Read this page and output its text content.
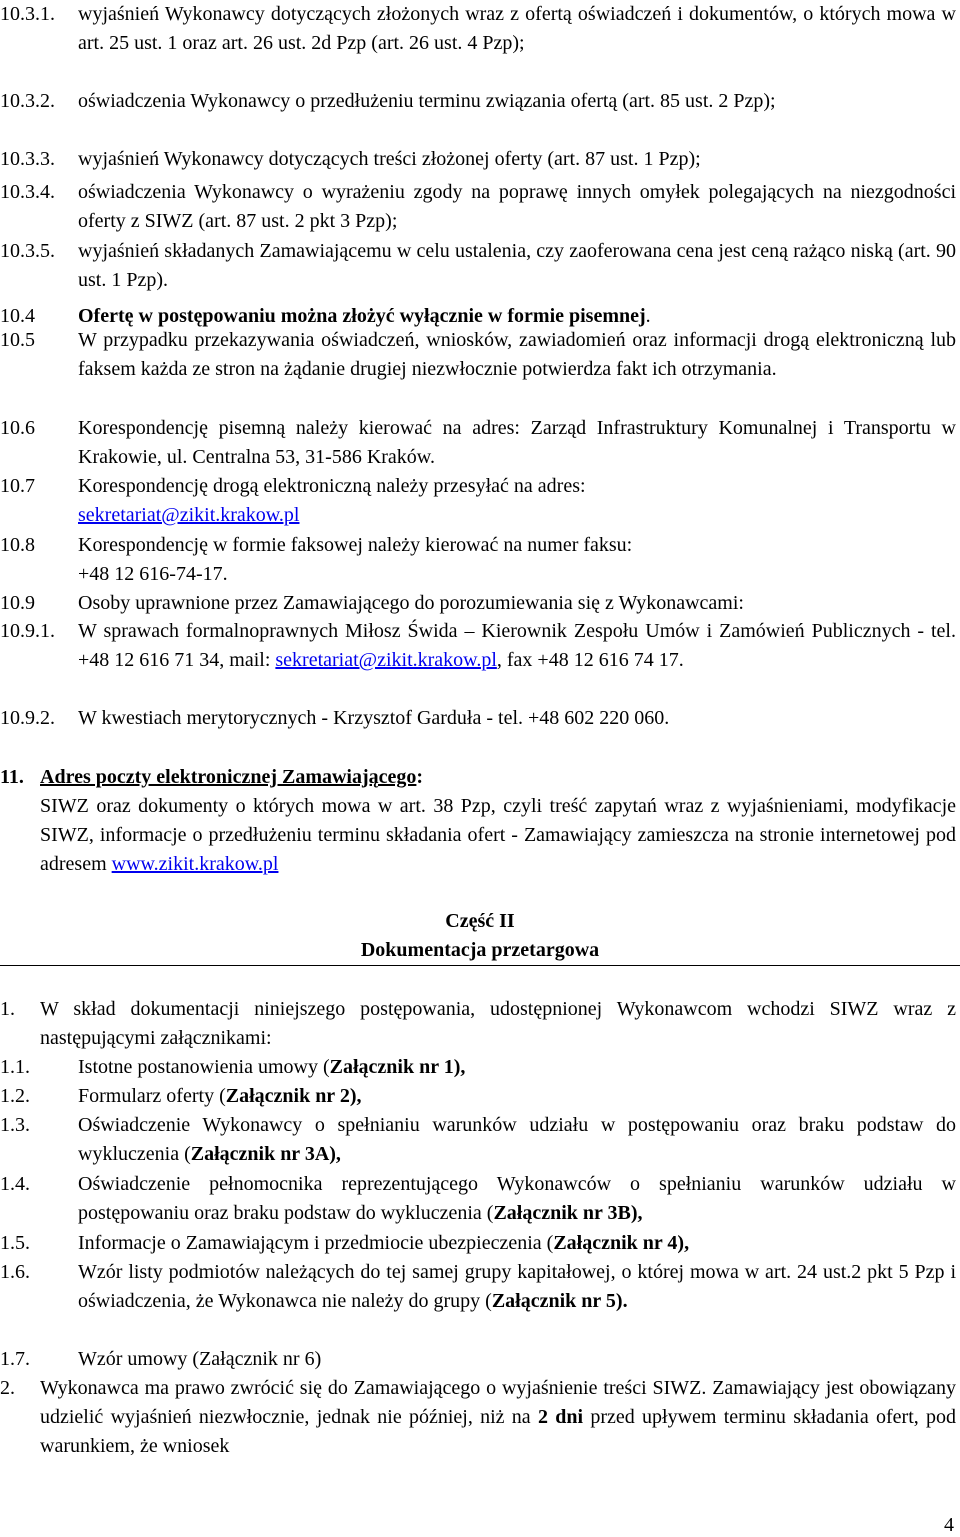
10.3.1.	wyjaśnień Wykonawcy dotyczących złożonych wraz z ofertą oświadczeń i dokumentów, o których mowa w art. 25 ust. 1 oraz art. 26 ust. 2d Pzp (art. 26 ust. 4 Pzp);
10.3.2.	oświadczenia Wykonawcy o przedłużeniu terminu związania ofertą (art. 85 ust. 2 Pzp);
10.3.3.	wyjaśnień Wykonawcy dotyczących treści złożonej oferty (art. 87 ust. 1 Pzp);
10.3.4.	oświadczenia Wykonawcy o wyrażeniu zgody na poprawę innych omyłek polegających na niezgodności oferty z SIWZ (art. 87 ust. 2 pkt 3 Pzp);
10.3.5.	wyjaśnień składanych Zamawiającemu w celu ustalenia, czy zaoferowana cena jest ceną rażąco niską (art. 90 ust. 1 Pzp).
10.4	Ofertę w postępowaniu można złożyć wyłącznie w formie pisemnej.
10.5	W przypadku przekazywania oświadczeń, wniosków, zawiadomień oraz informacji drogą elektroniczną lub faksem każda ze stron na żądanie drugiej niezwłocznie potwierdza fakt ich otrzymania.
10.6	Korespondencję pisemną należy kierować na adres: Zarząd Infrastruktury Komunalnej i Transportu w Krakowie, ul. Centralna 53, 31-586 Kraków.
10.7	Korespondencję drogą elektroniczną należy przesyłać na adres:
sekretariat@zikit.krakow.pl
10.8	Korespondencję w formie faksowej należy kierować na numer faksu:
+48 12 616-74-17.
10.9	Osoby uprawnione przez Zamawiającego do porozumiewania się z Wykonawcami:
10.9.1.	W sprawach formalnoprawnych Miłosz Świda – Kierownik Zespołu Umów i Zamówień Publicznych - tel. +48 12 616 71 34, mail: sekretariat@zikit.krakow.pl, fax +48 12 616 74 17.
10.9.2.	W kwestiach merytorycznych - Krzysztof Garduła - tel. +48 602 220 060.
11. Adres poczty elektronicznej Zamawiającego:
SIWZ oraz dokumenty o których mowa w art. 38 Pzp, czyli treść zapytań wraz z wyjaśnieniami, modyfikacje SIWZ, informacje o przedłużeniu terminu składania ofert - Zamawiający zamieszcza na stronie internetowej pod adresem www.zikit.krakow.pl
Część II
Dokumentacja przetargowa
1.	W skład dokumentacji niniejszego postępowania, udostępnionej Wykonawcom wchodzi SIWZ wraz z następującymi załącznikami:
1.1.	Istotne postanowienia umowy (Załącznik nr 1),
1.2.	Formularz oferty (Załącznik nr 2),
1.3.	Oświadczenie Wykonawcy o spełnianiu warunków udziału w postępowaniu oraz braku podstaw do wykluczenia (Załącznik nr 3A),
1.4.	Oświadczenie pełnomocnika reprezentującego Wykonawców o spełnianiu warunków udziału w postępowaniu oraz braku podstaw do wykluczenia (Załącznik nr 3B),
1.5.	Informacje o Zamawiającym i przedmiocie ubezpieczenia (Załącznik nr 4),
1.6.	Wzór listy podmiotów należących do tej samej grupy kapitałowej, o której mowa w art. 24 ust.2 pkt 5 Pzp i oświadczenia, że Wykonawca nie należy do grupy (Załącznik nr 5).
1.7.	Wzór umowy (Załącznik nr 6)
2.	Wykonawca ma prawo zwrócić się do Zamawiającego o wyjaśnienie treści SIWZ. Zamawiający jest obowiązany udzielić wyjaśnień niezwłocznie, jednak nie później, niż na 2 dni przed upływem terminu składania ofert, pod warunkiem, że wniosek
4
